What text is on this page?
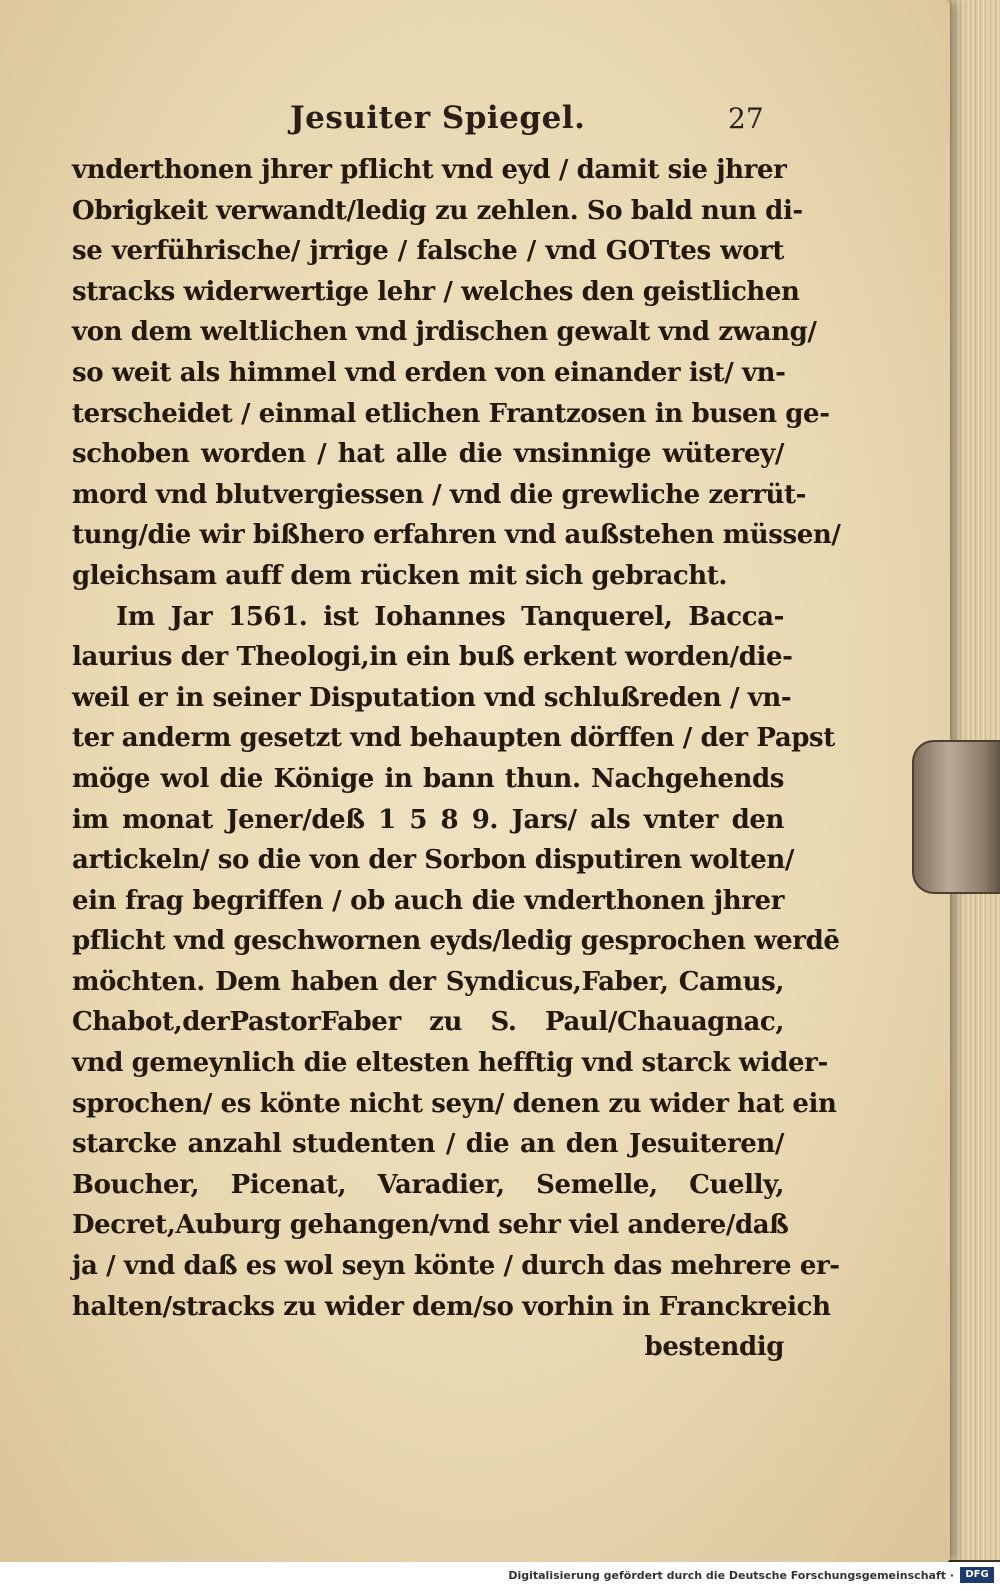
Jesuiter Spiegel.	27
vnderthonen jhrer pflicht vnd eyd / damit sie jhrer
Obrigkeit verwandt/ledig zu zehlen. So bald nun di-
se verführische/ jrrige / falsche / vnd GOTtes wort
stracks widerwertige lehr / welches den geistlichen
von dem weltlichen vnd jrdischen gewalt vnd zwang/
so weit als himmel vnd erden von einander ist/ vn-
terscheidet / einmal etlichen Frantzosen in busen ge-
schoben worden / hat alle die vnsinnige wüterey/
mord vnd blutvergiessen / vnd die grewliche zerrüt-
tung/die wir bißhero erfahren vnd außstehen müssen/
gleichsam auff dem rücken mit sich gebracht.
Im Jar 1561. ist Iohannes Tanquerel, Bacca-
laurius der Theologi,in ein buß erkent worden/die-
weil er in seiner Disputation vnd schlußreden / vn-
ter anderm gesetzt vnd behaupten dörffen / der Papst
möge wol die Könige in bann thun. Nachgehends
im monat Jener/deß 1 5 8 9. Jars/ als vnter den
artickeln/ so die von der Sorbon disputiren wolten/
ein frag begriffen / ob auch die vnderthonen jhrer
pflicht vnd geschwornen eyds/ledig gesprochen werdē
möchten. Dem haben der Syndicus,Faber, Camus,
Chabot,derPastorFaber zu S. Paul/Chauagnac,
vnd gemeynlich die eltesten hefftig vnd starck wider-
sprochen/ es könte nicht seyn/ denen zu wider hat ein
starcke anzahl studenten / die an den Jesuiteren/
Boucher, Picenat, Varadier, Semelle, Cuelly,
Decret,Auburg gehangen/vnd sehr viel andere/daß
ja / vnd daß es wol seyn könte / durch das mehrere er-
halten/stracks zu wider dem/so vorhin in Franckreich
bestendig
Digitalisierung gefördert durch die Deutsche Forschungsgemeinschaft ·	DFG
